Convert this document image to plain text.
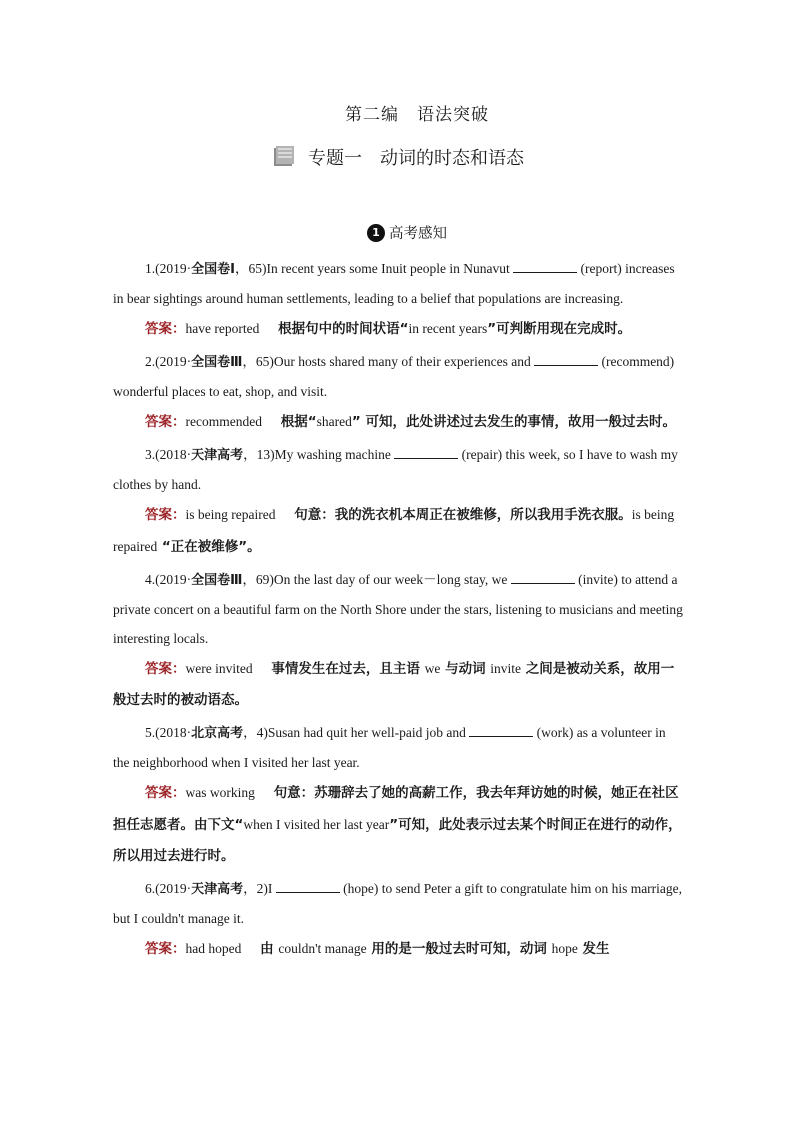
第二编　语法突破
专题一　动词的时态和语态
1 高考感知

1.(2019·全国卷Ⅰ，65)In recent years some Inuit people in Nunavut	(report) increases in bear sightings around human settlements, leading to a belief that populations are increasing.

答案：have reported 根据句中的时间状语“in recent years”可判断用现在完成时。

2.(2019·全国卷Ⅲ，65)Our hosts shared many of their experiences and	(recommend) wonderful places to eat, shop, and visit.

答案：recommended 根据“shared” 可知，此处讲述过去发生的事情，故用一般过去时。

3.(2018·天津高考，13)My washing machine	(repair) this week, so I have to wash my clothes by hand.

答案：is being repaired 句意：我的洗衣机本周正在被维修，所以我用手洗衣服。is being repaired “正在被维修”。

4.(2019·全国卷Ⅲ，69)On the last day of our week－long stay, we	(invite) to attend a private concert on a beautiful farm on the North Shore under the stars, listening to musicians and meeting interesting locals.

答案：were invited 事情发生在过去，且主语 we 与动词 invite 之间是被动关系，故用一般过去时的被动语态。

5.(2018·北京高考，4)Susan had quit her well-paid job and	(work) as a volunteer in the neighborhood when I visited her last year.

答案：was working 句意：苏珊辞去了她的高薪工作，我去年拜访她的时候，她正在社区担任志愿者。由下文“when I visited her last year”可知，此处表示过去某个时间正在进行的动作，所以用过去进行时。

6.(2019·天津高考，2)I	(hope) to send Peter a gift to congratulate him on his marriage, but I couldn't manage it.

答案：had hoped 由 couldn't manage 用的是一般过去时可知，动词 hope 发生
